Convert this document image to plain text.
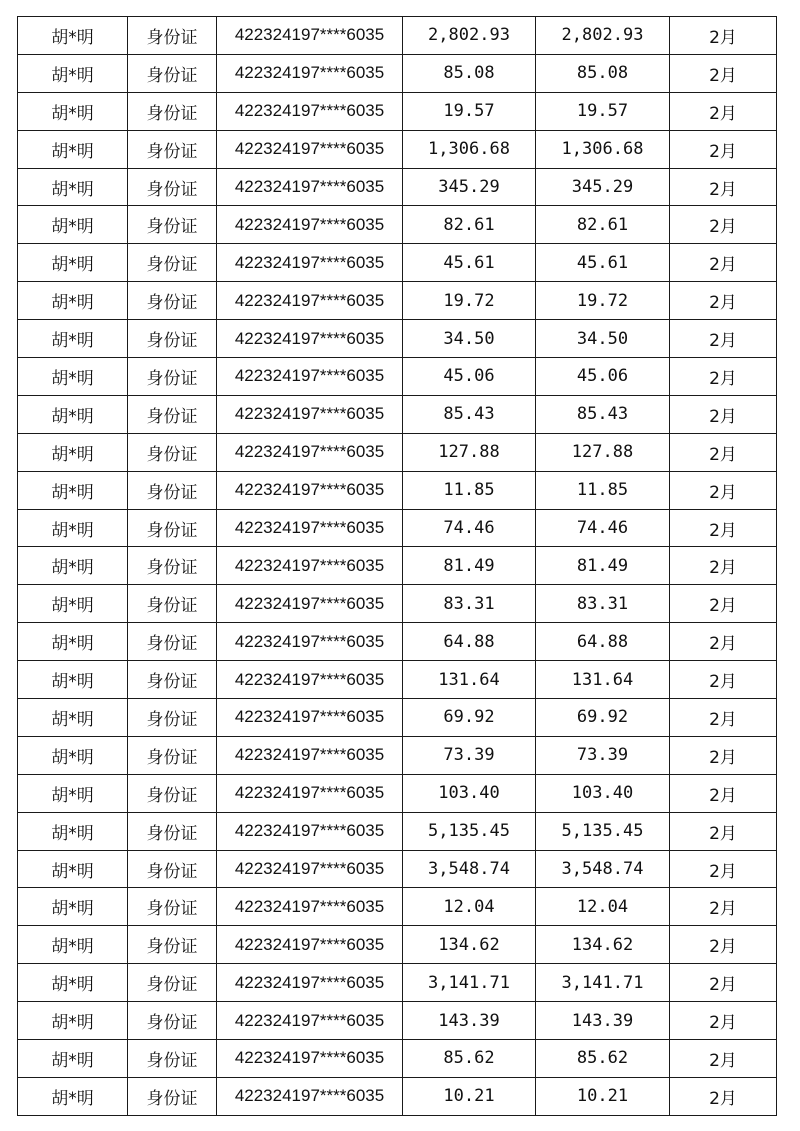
胡*明	身份证	422324197****6035	2,802.93	2,802.93	2月
胡*明	身份证	422324197****6035	85.08	85.08	2月
胡*明	身份证	422324197****6035	19.57	19.57	2月
胡*明	身份证	422324197****6035	1,306.68	1,306.68	2月
胡*明	身份证	422324197****6035	345.29	345.29	2月
胡*明	身份证	422324197****6035	82.61	82.61	2月
胡*明	身份证	422324197****6035	45.61	45.61	2月
胡*明	身份证	422324197****6035	19.72	19.72	2月
胡*明	身份证	422324197****6035	34.50	34.50	2月
胡*明	身份证	422324197****6035	45.06	45.06	2月
胡*明	身份证	422324197****6035	85.43	85.43	2月
胡*明	身份证	422324197****6035	127.88	127.88	2月
胡*明	身份证	422324197****6035	11.85	11.85	2月
胡*明	身份证	422324197****6035	74.46	74.46	2月
胡*明	身份证	422324197****6035	81.49	81.49	2月
胡*明	身份证	422324197****6035	83.31	83.31	2月
胡*明	身份证	422324197****6035	64.88	64.88	2月
胡*明	身份证	422324197****6035	131.64	131.64	2月
胡*明	身份证	422324197****6035	69.92	69.92	2月
胡*明	身份证	422324197****6035	73.39	73.39	2月
胡*明	身份证	422324197****6035	103.40	103.40	2月
胡*明	身份证	422324197****6035	5,135.45	5,135.45	2月
胡*明	身份证	422324197****6035	3,548.74	3,548.74	2月
胡*明	身份证	422324197****6035	12.04	12.04	2月
胡*明	身份证	422324197****6035	134.62	134.62	2月
胡*明	身份证	422324197****6035	3,141.71	3,141.71	2月
胡*明	身份证	422324197****6035	143.39	143.39	2月
胡*明	身份证	422324197****6035	85.62	85.62	2月
胡*明	身份证	422324197****6035	10.21	10.21	2月
